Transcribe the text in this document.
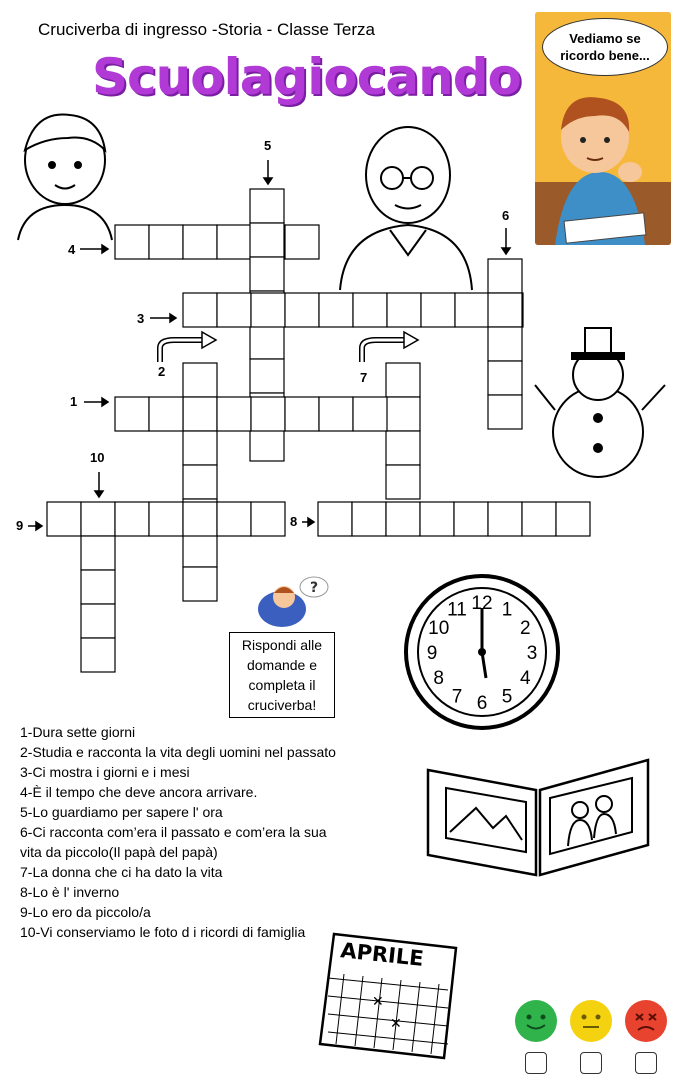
Cruciverba di ingresso -Storia - Classe Terza
Scuolagiocando
Vediamo se
ricordo bene...
1
2
3
4
5
6
7
8
9
10
?
Rispondi alle
domande e
completa il
cruciverba!
12 1
2
3
4
5
6
7
8
9
10
11
APRILE
✕
✕
1-Dura sette giorni
2-Studia e racconta la vita degli uomini nel passato
3-Ci mostra i giorni e i mesi
4-È il tempo che deve ancora arrivare.
5-Lo guardiamo per sapere l' ora
6-Ci racconta com’era il passato e com’era la sua vita da piccolo(Il papà del papà)
7-La donna che ci ha dato la vita
8-Lo è l' inverno
9-Lo ero da piccolo/a
10-Vi conserviamo le foto d i ricordi di famiglia
